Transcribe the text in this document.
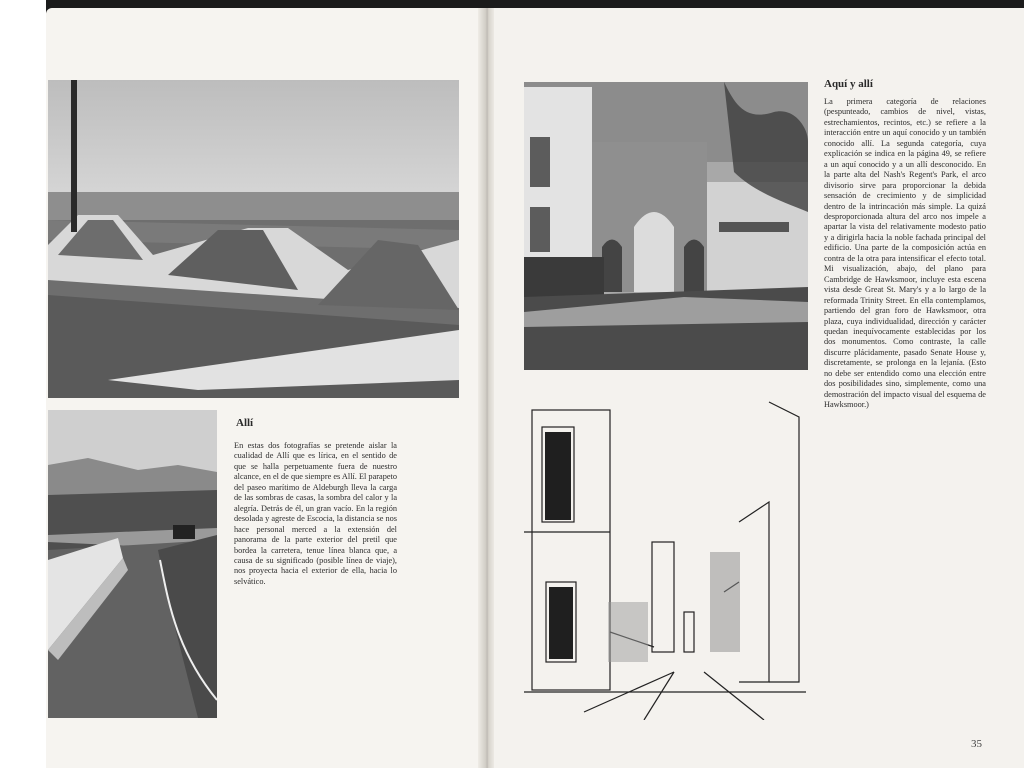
Allí

En estas dos fotografías se pretende aislar la cualidad de Allí que es lírica, en el sentido de que se halla perpetuamente fuera de nuestro alcance, en el de que siempre es Allí. El parapeto del paseo marítimo de Aldeburgh lleva la carga de las sombras de casas, la sombra del calor y la alegría. Detrás de él, un gran vacío. En la región desolada y agreste de Escocia, la distancia se nos hace personal merced a la extensión del panorama de la parte exterior del pretil que bordea la carretera, tenue línea blanca que, a causa de su significado (posible línea de viaje), nos proyecta hacia el exterior de ella, hacia lo selvático.

Aquí y allí

La primera categoría de relaciones (pespunteado, cambios de nivel, vistas, estrechamientos, recintos, etc.) se refiere a la interacción entre un aquí conocido y un también conocido allí. La segunda categoría, cuya explicación se indica en la página 49, se refiere a un aquí conocido y a un allí desconocido. En la parte alta del Nash's Regent's Park, el arco divisorio sirve para proporcionar la debida sensación de crecimiento y de simplicidad dentro de la intrincación más simple. La quizá desproporcionada altura del arco nos impele a apartar la vista del relativamente modesto patio y a dirigirla hacia la noble fachada principal del edificio. Una parte de la composición actúa en contra de la otra para intensificar el efecto total. Mi visualización, abajo, del plano para Cambridge de Hawksmoor, incluye esta escena vista desde Great St. Mary's y a lo largo de la reformada Trinity Street. En ella contemplamos, partiendo del gran foro de Hawksmoor, otra plaza, cuya individualidad, dirección y carácter quedan inequívocamente establecidas por los dos monumentos. Como contraste, la calle discurre plácidamente, pasado Senate House y, discretamente, se prolonga en la lejanía. (Esto no debe ser entendido como una elección entre dos posibilidades sino, simplemente, como una demostración del impacto visual del esquema de Hawksmoor.)

35
